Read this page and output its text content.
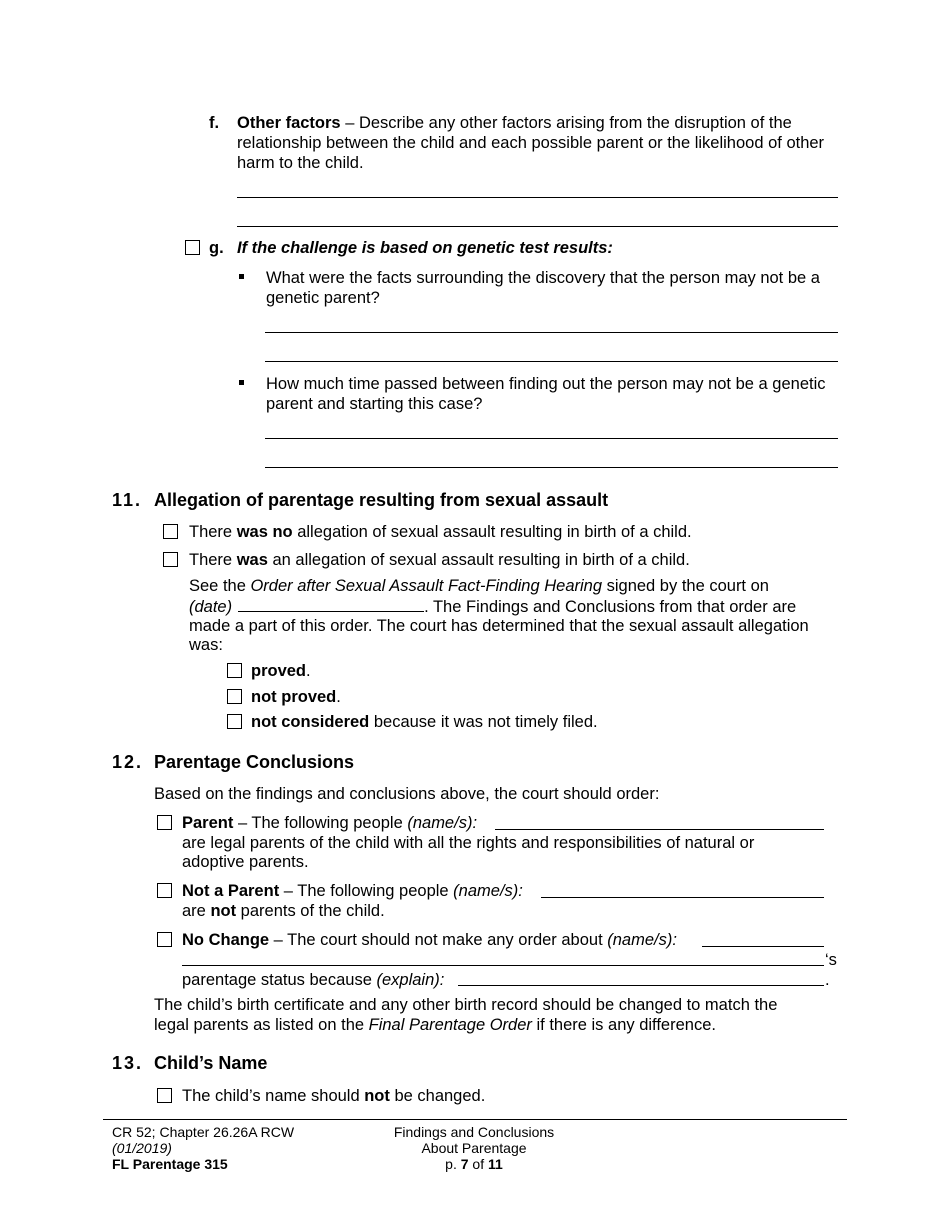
f. Other factors – Describe any other factors arising from the disruption of the relationship between the child and each possible parent or the likelihood of other harm to the child.
g. If the challenge is based on genetic test results:
What were the facts surrounding the discovery that the person may not be a genetic parent?
How much time passed between finding out the person may not be a genetic parent and starting this case?
11. Allegation of parentage resulting from sexual assault
There was no allegation of sexual assault resulting in birth of a child.
There was an allegation of sexual assault resulting in birth of a child.
See the Order after Sexual Assault Fact-Finding Hearing signed by the court on
(date)	. The Findings and Conclusions from that order are
made a part of this order. The court has determined that the sexual assault allegation
was:
proved.
not proved.
not considered because it was not timely filed.
12. Parentage Conclusions
Based on the findings and conclusions above, the court should order:
Parent – The following people (name/s):
are legal parents of the child with all the rights and responsibilities of natural or
adoptive parents.
Not a Parent – The following people (name/s):
are not parents of the child.
No Change – The court should not make any order about (name/s):
‘s
parentage status because (explain):	.
The child’s birth certificate and any other birth record should be changed to match the
legal parents as listed on the Final Parentage Order if there is any difference.
13. Child’s Name
The child’s name should not be changed.
CR 52; Chapter 26.26A RCW
(01/2019)
FL Parentage 315
Findings and Conclusions
About Parentage
p. 7 of 11
